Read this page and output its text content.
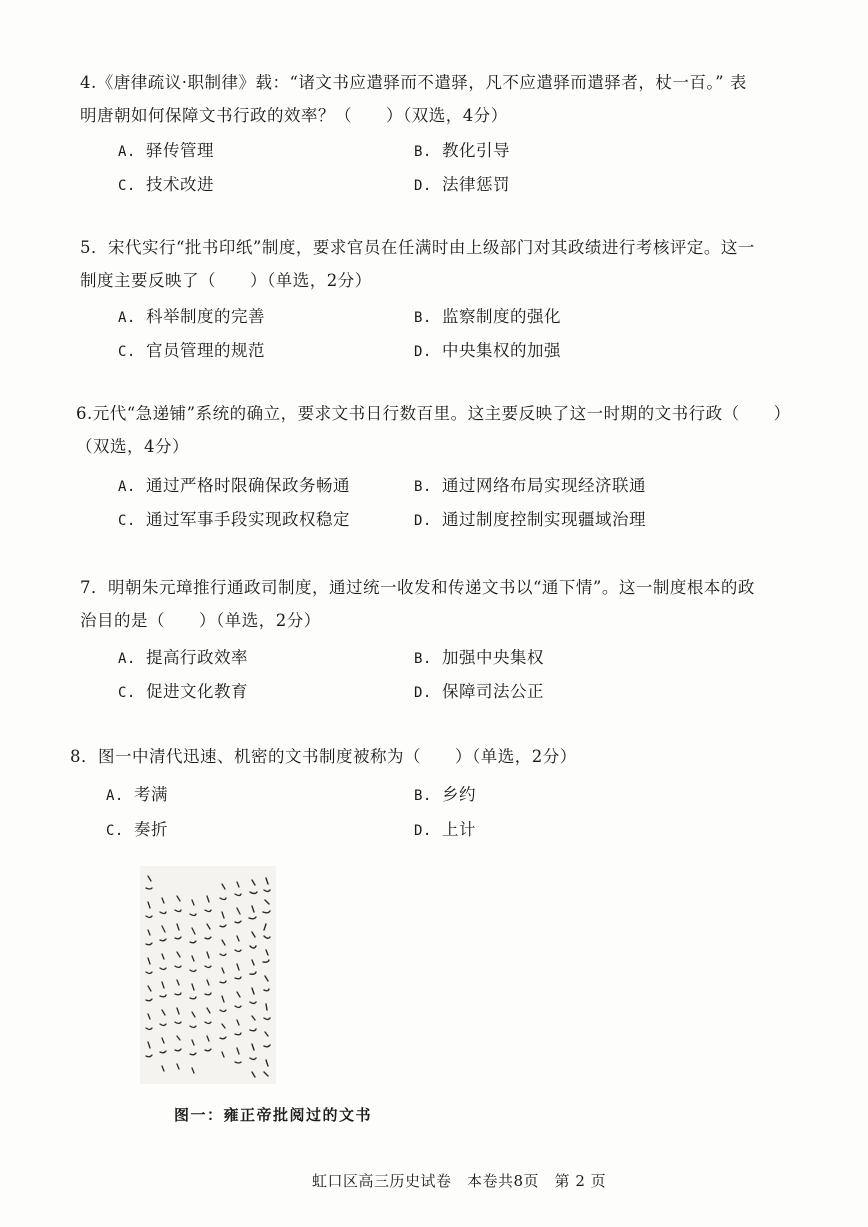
4.《唐律疏议·职制律》载：“诸文书应遣驿而不遣驿，凡不应遣驿而遣驿者，杖一百。” 表
明唐朝如何保障文书行政的效率？（　　）（双选，4分）
A. 驿传管理	B. 教化引导
C. 技术改进	D. 法律惩罚
5．宋代实行“批书印纸”制度，要求官员在任满时由上级部门对其政绩进行考核评定。这一
制度主要反映了（　　）（单选，2分）
A. 科举制度的完善	B. 监察制度的强化
C. 官员管理的规范	D. 中央集权的加强
6.元代“急递铺”系统的确立，要求文书日行数百里。这主要反映了这一时期的文书行政（　　）
（双选，4分）
A. 通过严格时限确保政务畅通	B. 通过网络布局实现经济联通
C. 通过军事手段实现政权稳定	D. 通过制度控制实现疆域治理
7．明朝朱元璋推行通政司制度，通过统一收发和传递文书以“通下情”。这一制度根本的政
治目的是（　　）（单选，2分）
A. 提高行政效率	B. 加强中央集权
C. 促进文化教育	D. 保障司法公正
8．图一中清代迅速、机密的文书制度被称为（　　）（单选，2分）
A. 考满	B. 乡约
C. 奏折	D. 上计
图一：雍正帝批阅过的文书
虹口区高三历史试卷　本卷共8页　第 2 页
